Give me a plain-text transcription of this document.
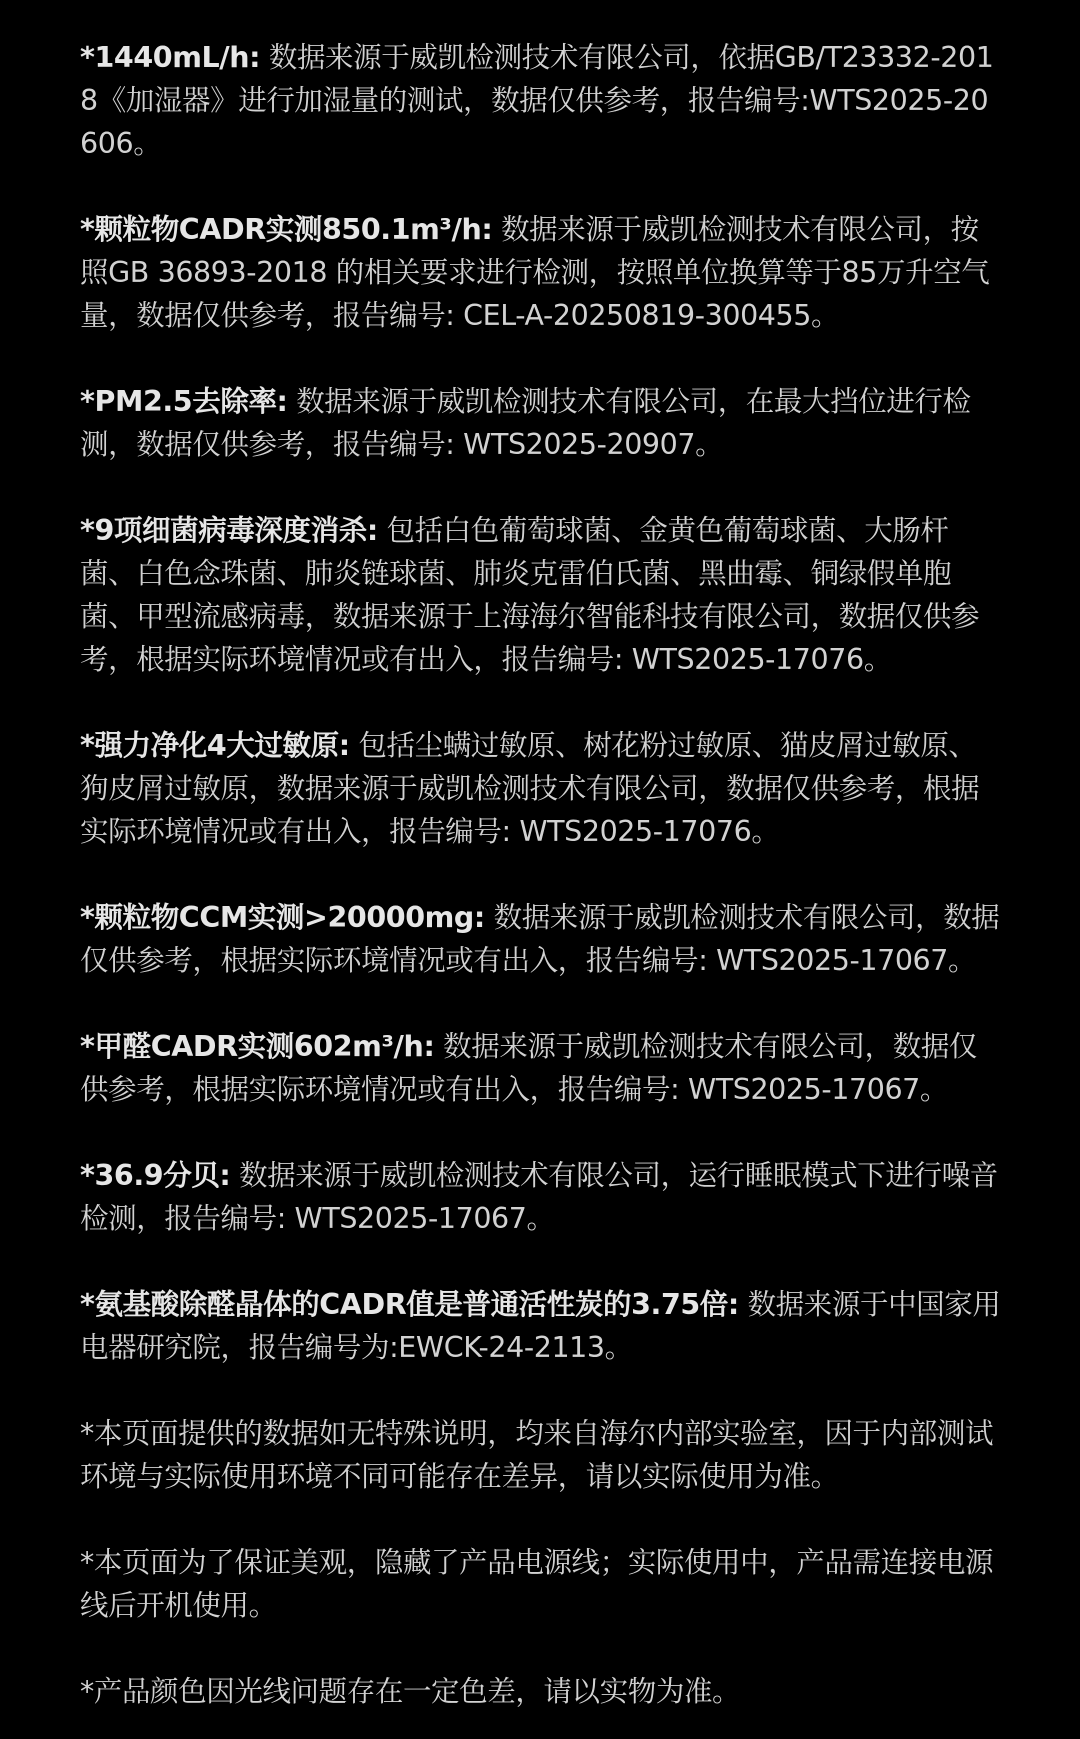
*1440mL/h: 数据来源于威凯检测技术有限公司，依据GB/T23332-2018《加湿器》进行加湿量的测试，数据仅供参考，报告编号:WTS2025-20606。

*颗粒物CADR实测850.1m³/h: 数据来源于威凯检测技术有限公司，按照GB 36893-2018 的相关要求进行检测，按照单位换算等于85万升空气量，数据仅供参考，报告编号: CEL-A-20250819-300455。

*PM2.5去除率: 数据来源于威凯检测技术有限公司，在最大挡位进行检测，数据仅供参考，报告编号: WTS2025-20907。

*9项细菌病毒深度消杀: 包括白色葡萄球菌、金黄色葡萄球菌、大肠杆菌、白色念珠菌、肺炎链球菌、肺炎克雷伯氏菌、黑曲霉、铜绿假单胞菌、甲型流感病毒，数据来源于上海海尔智能科技有限公司，数据仅供参考，根据实际环境情况或有出入，报告编号: WTS2025-17076。

*强力净化4大过敏原: 包括尘螨过敏原、树花粉过敏原、猫皮屑过敏原、狗皮屑过敏原，数据来源于威凯检测技术有限公司，数据仅供参考，根据实际环境情况或有出入，报告编号: WTS2025-17076。

*颗粒物CCM实测>20000mg: 数据来源于威凯检测技术有限公司，数据仅供参考，根据实际环境情况或有出入，报告编号: WTS2025-17067。

*甲醛CADR实测602m³/h: 数据来源于威凯检测技术有限公司，数据仅供参考，根据实际环境情况或有出入，报告编号: WTS2025-17067。

*36.9分贝: 数据来源于威凯检测技术有限公司，运行睡眠模式下进行噪音检测，报告编号: WTS2025-17067。

*氨基酸除醛晶体的CADR值是普通活性炭的3.75倍: 数据来源于中国家用电器研究院，报告编号为:EWCK-24-2113。

*本页面提供的数据如无特殊说明，均来自海尔内部实验室，因于内部测试环境与实际使用环境不同可能存在差异，请以实际使用为准。

*本页面为了保证美观，隐藏了产品电源线；实际使用中，产品需连接电源线后开机使用。

*产品颜色因光线问题存在一定色差，请以实物为准。
